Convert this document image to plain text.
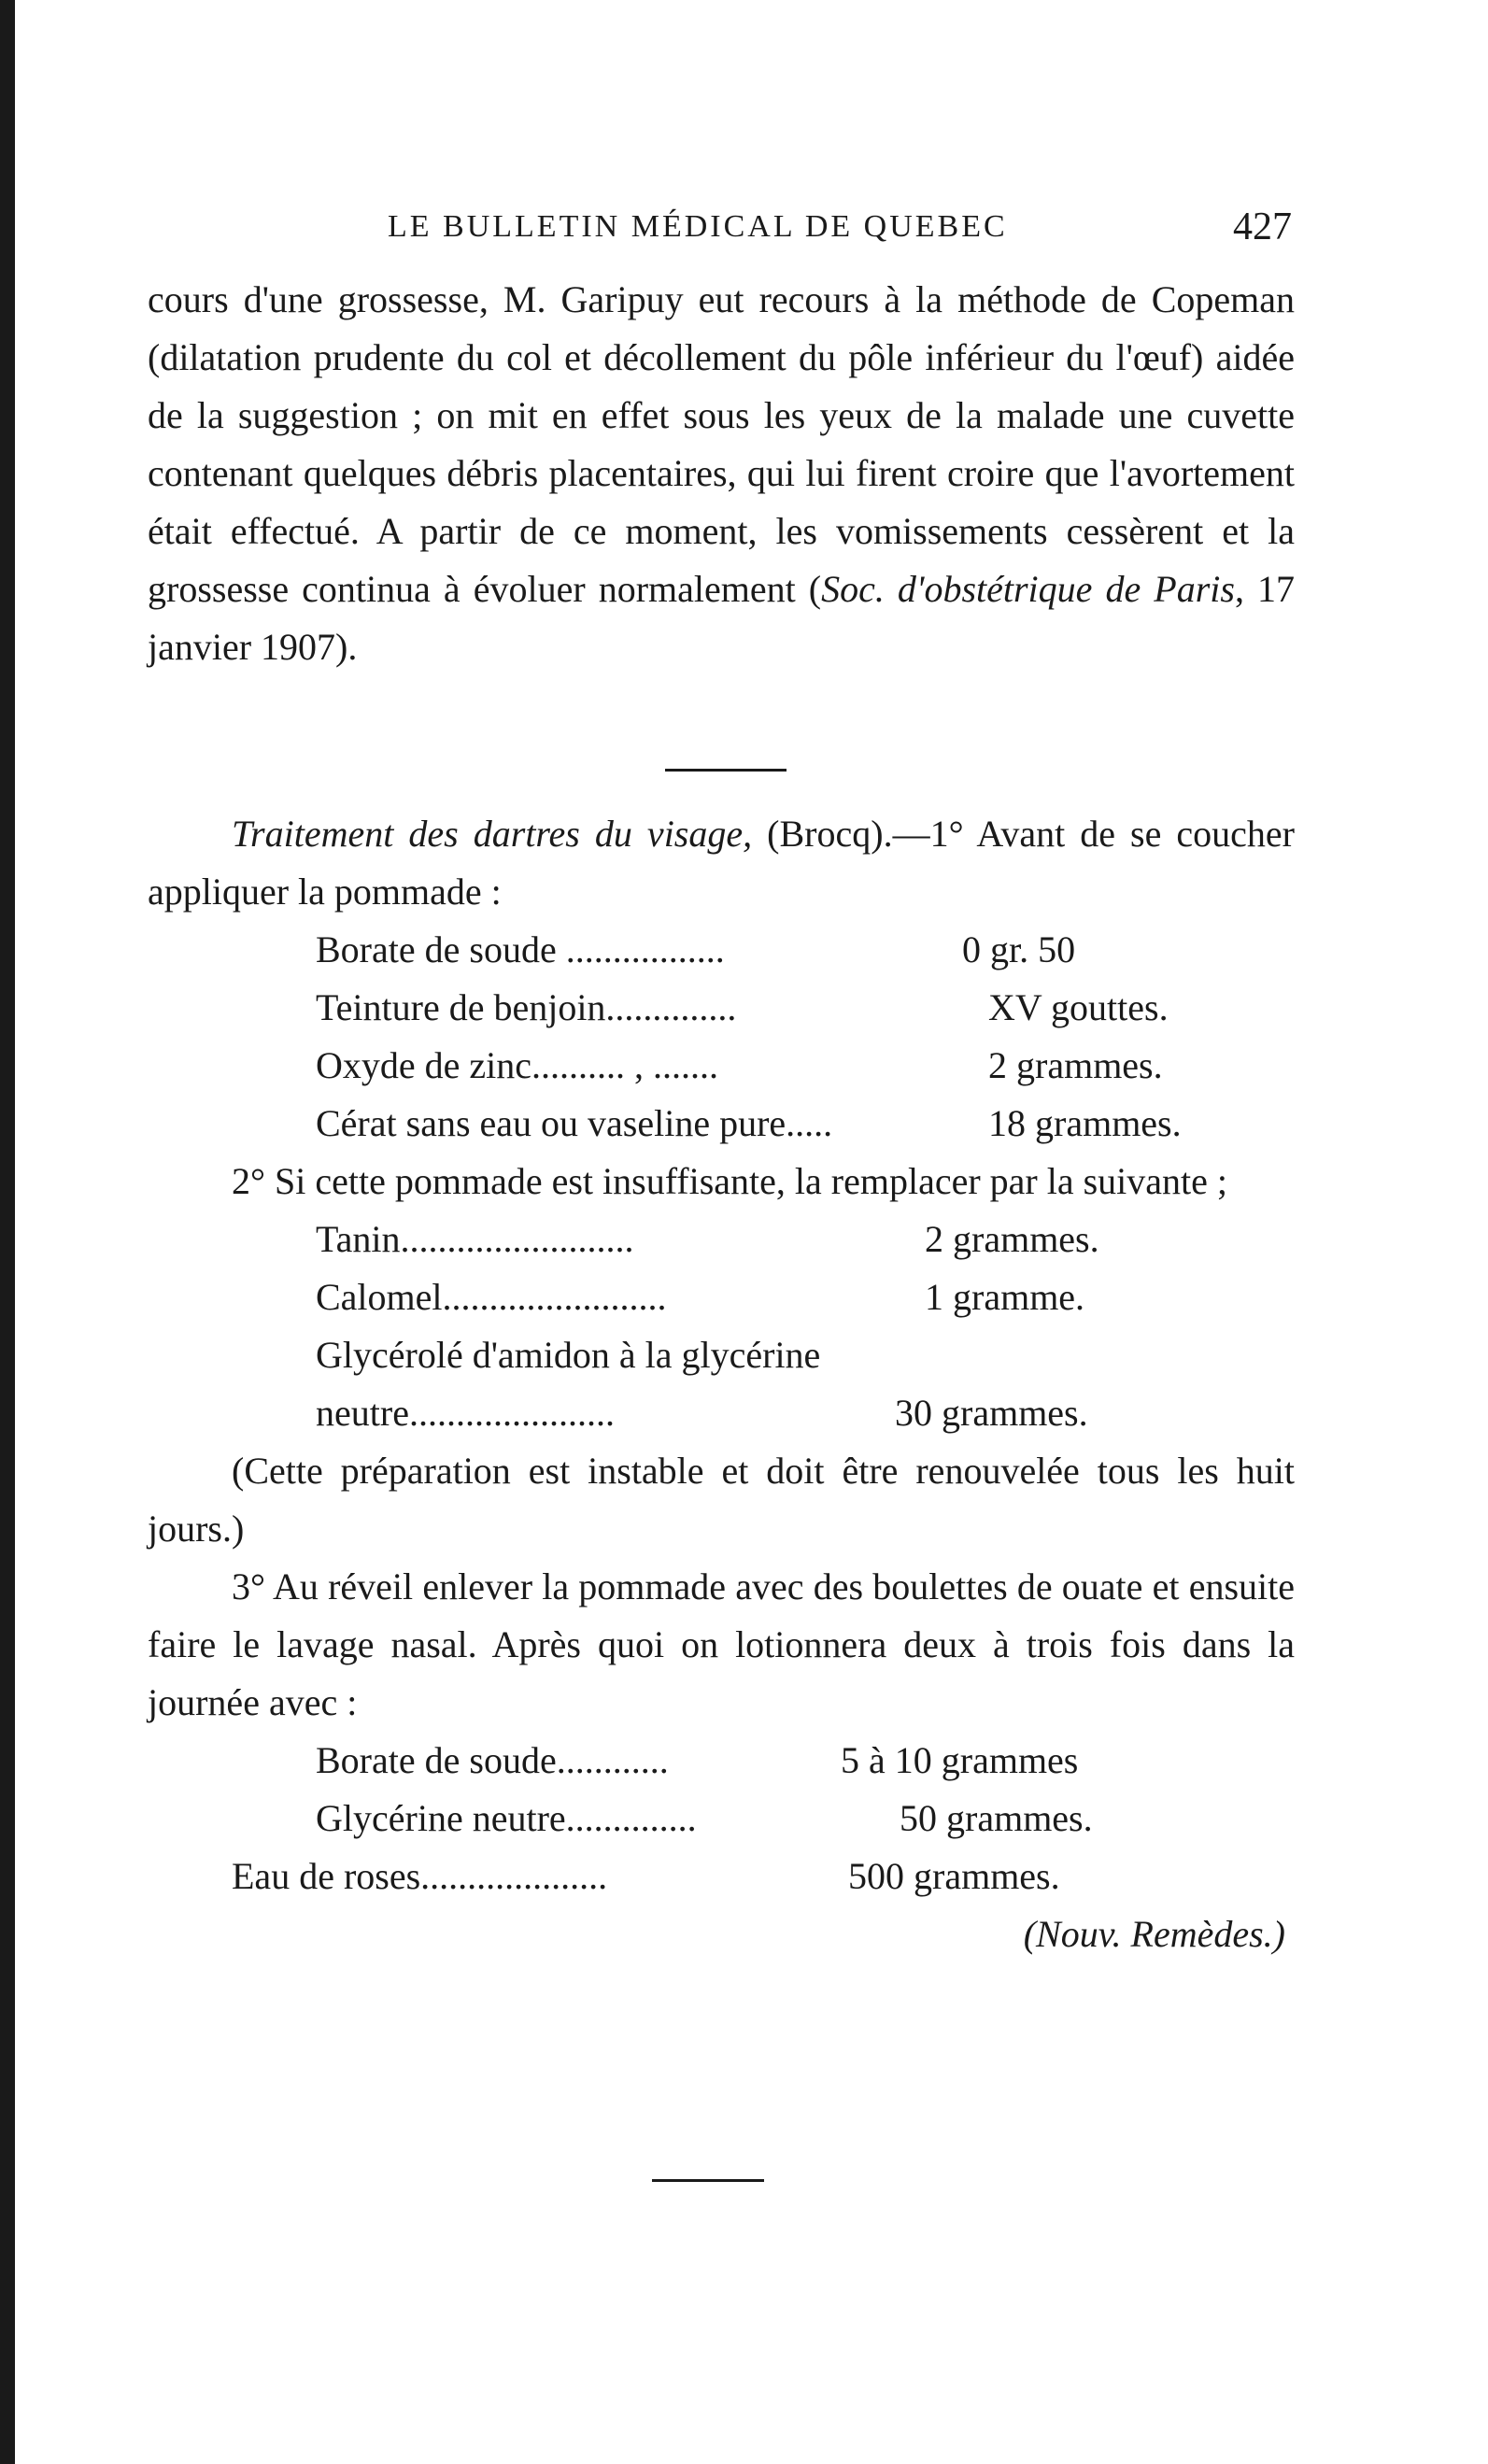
LE BULLETIN MÉDICAL DE QUEBEC	427

cours d'une grossesse, M. Garipuy eut recours à la méthode de Copeman (dilatation prudente du col et décollement du pôle inférieur du l'œuf) aidée de la suggestion ; on mit en effet sous les yeux de la malade une cuvette contenant quelques débris placentaires, qui lui firent croire que l'avortement était effectué. A partir de ce moment, les vomissements cessèrent et la grossesse continua à évoluer normalement (Soc. d'obstétrique de Paris, 17 janvier 1907).

Traitement des dartres du visage, (Brocq).—1° Avant de se coucher appliquer la pommade :

Borate de soude .................	0 gr. 50
Teinture de benjoin..............	XV gouttes.
Oxyde de zinc.......... , .......	2 grammes.
Cérat sans eau ou vaseline pure.....	18 grammes.

2° Si cette pommade est insuffisante, la remplacer par la suivante ;

Tanin.........................	2 grammes.
Calomel........................	1 gramme.
Glycérolé d'amidon à la glycérine
neutre......................	30 grammes.

(Cette préparation est instable et doit être renouvelée tous les huit jours.)

3° Au réveil enlever la pommade avec des boulettes de ouate et ensuite faire le lavage nasal. Après quoi on lotionnera deux à trois fois dans la journée avec :

Borate de soude............	5 à 10 grammes
Glycérine neutre..............	50 grammes.
Eau de roses....................	500 grammes.

(Nouv. Remèdes.)
